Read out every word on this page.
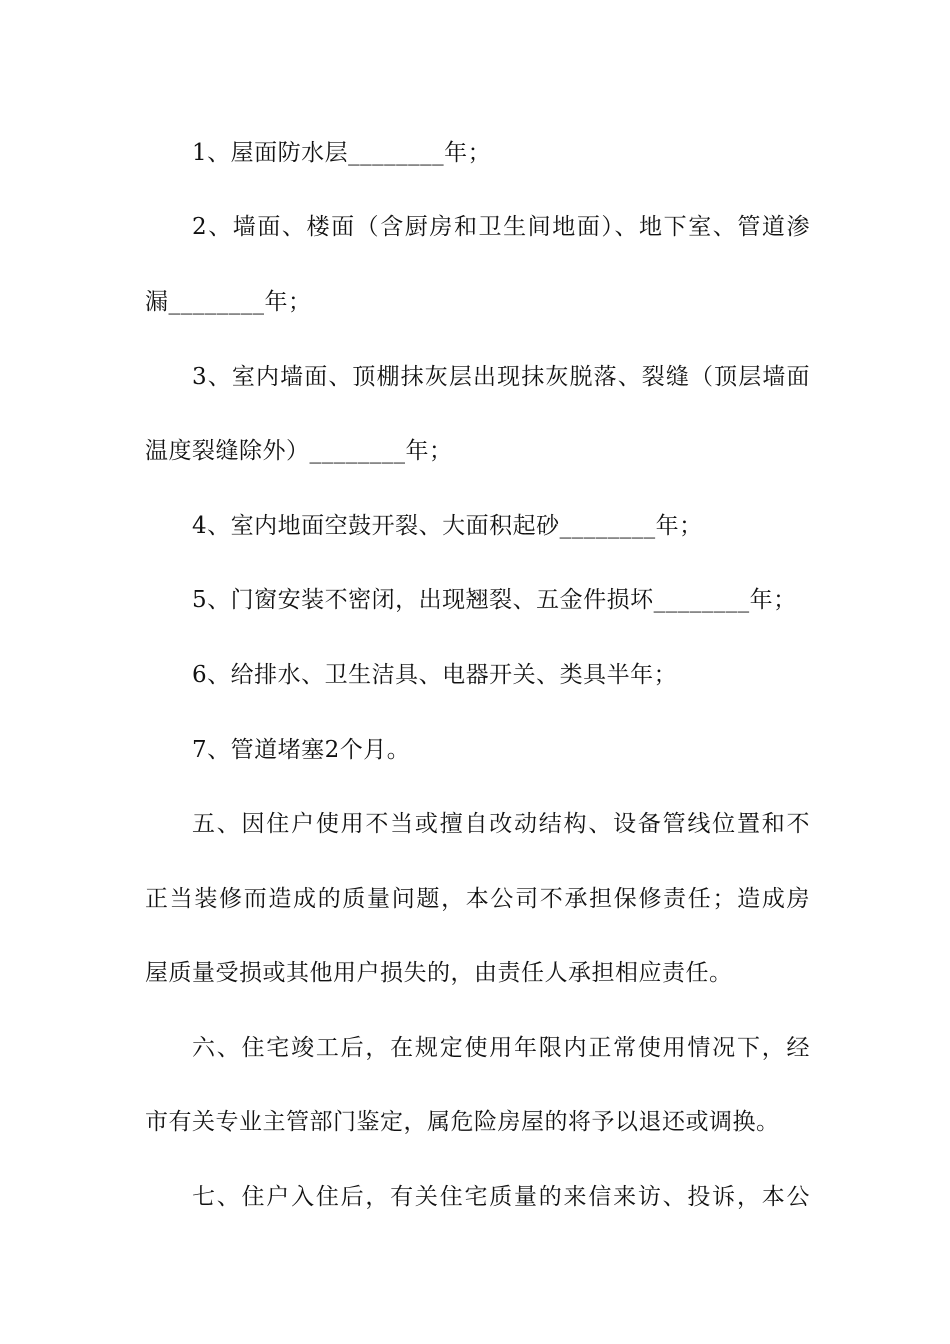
1、屋面防水层________年；
2、墙面、楼面（含厨房和卫生间地面）、地下室、管道渗
漏________年；
3、室内墙面、顶棚抹灰层出现抹灰脱落、裂缝（顶层墙面
温度裂缝除外）________年；
4、室内地面空鼓开裂、大面积起砂________年；
5、门窗安装不密闭，出现翘裂、五金件损坏________年；
6、给排水、卫生洁具、电器开关、类具半年；
7、管道堵塞2个月。
五、因住户使用不当或擅自改动结构、设备管线位置和不
正当装修而造成的质量问题，本公司不承担保修责任；造成房
屋质量受损或其他用户损失的，由责任人承担相应责任。
六、住宅竣工后，在规定使用年限内正常使用情况下，经
市有关专业主管部门鉴定，属危险房屋的将予以退还或调换。
七、住户入住后，有关住宅质量的来信来访、投诉，本公
